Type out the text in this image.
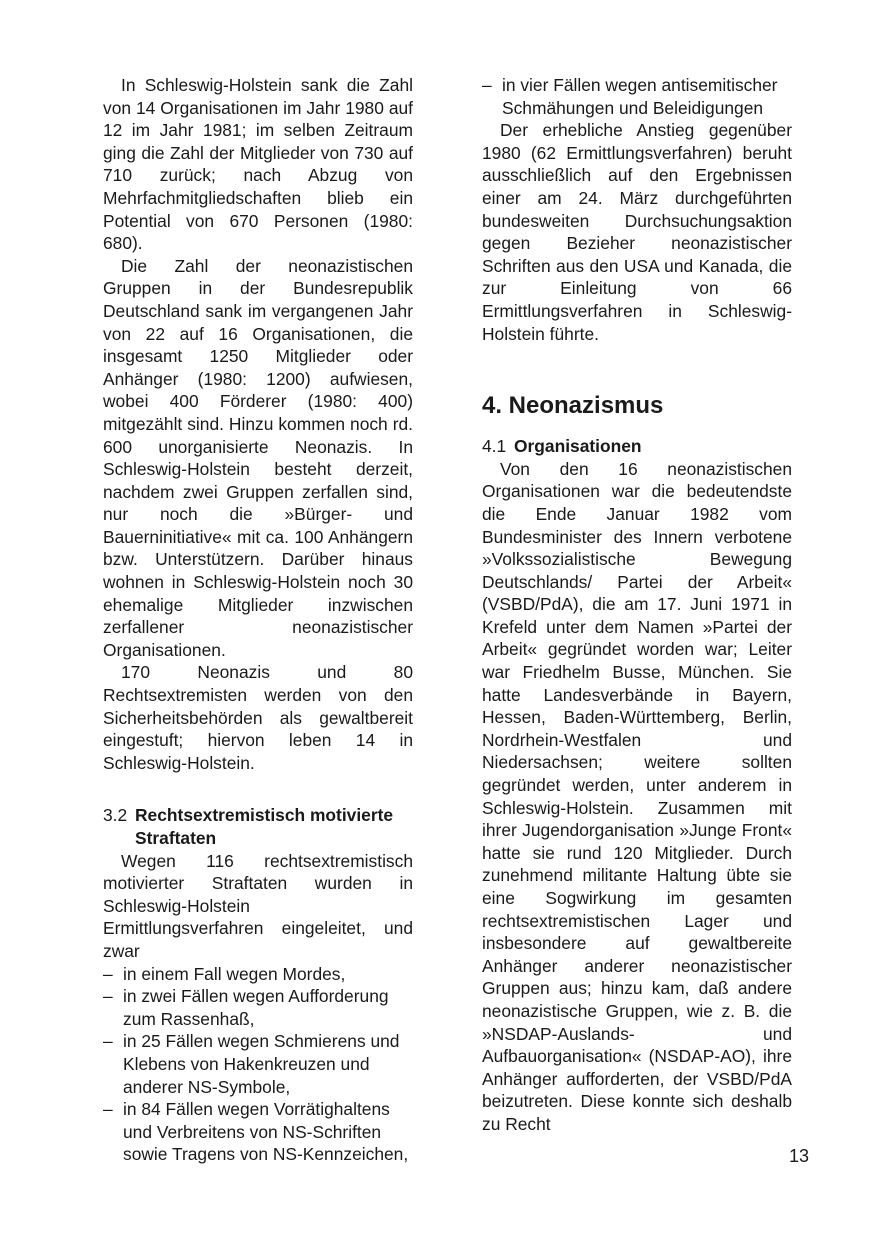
In Schleswig-Holstein sank die Zahl von 14 Organisationen im Jahr 1980 auf 12 im Jahr 1981; im selben Zeitraum ging die Zahl der Mitglieder von 730 auf 710 zurück; nach Abzug von Mehrfachmitgliedschaften blieb ein Potential von 670 Personen (1980: 680).

Die Zahl der neonazistischen Gruppen in der Bundesrepublik Deutschland sank im vergangenen Jahr von 22 auf 16 Organisationen, die insgesamt 1250 Mitglieder oder Anhänger (1980: 1200) aufwiesen, wobei 400 Förderer (1980: 400) mitgezählt sind. Hinzu kommen noch rd. 600 unorganisierte Neonazis. In Schleswig-Holstein besteht derzeit, nachdem zwei Gruppen zerfallen sind, nur noch die »Bürger- und Bauerninitiative« mit ca. 100 Anhängern bzw. Unterstützern. Darüber hinaus wohnen in Schleswig-Holstein noch 30 ehemalige Mitglieder inzwischen zerfallener neonazistischer Organisationen.

170 Neonazis und 80 Rechtsextremisten werden von den Sicherheitsbehörden als gewaltbereit eingestuft; hiervon leben 14 in Schleswig-Holstein.

3.2 Rechtsextremistisch motivierte Straftaten

Wegen 116 rechtsextremistisch motivierter Straftaten wurden in Schleswig-Holstein Ermittlungsverfahren eingeleitet, und zwar

– in einem Fall wegen Mordes,
– in zwei Fällen wegen Aufforderung zum Rassenhaß,
– in 25 Fällen wegen Schmierens und Klebens von Hakenkreuzen und anderer NS-Symbole,
– in 84 Fällen wegen Vorrätighaltens und Verbreitens von NS-Schriften sowie Tragens von NS-Kennzeichen,
– in vier Fällen wegen antisemitischer Schmähungen und Beleidigungen

Der erhebliche Anstieg gegenüber 1980 (62 Ermittlungsverfahren) beruht ausschließlich auf den Ergebnissen einer am 24. März durchgeführten bundesweiten Durchsuchungsaktion gegen Bezieher neonazistischer Schriften aus den USA und Kanada, die zur Einleitung von 66 Ermittlungsverfahren in Schleswig-Holstein führte.

4. Neonazismus
4.1 Organisationen

Von den 16 neonazistischen Organisationen war die bedeutendste die Ende Januar 1982 vom Bundesminister des Innern verbotene »Volkssozialistische Bewegung Deutschlands/ Partei der Arbeit« (VSBD/PdA), die am 17. Juni 1971 in Krefeld unter dem Namen »Partei der Arbeit« gegründet worden war; Leiter war Friedhelm Busse, München. Sie hatte Landesverbände in Bayern, Hessen, Baden-Württemberg, Berlin, Nordrhein-Westfalen und Niedersachsen; weitere sollten gegründet werden, unter anderem in Schleswig-Holstein. Zusammen mit ihrer Jugendorganisation »Junge Front« hatte sie rund 120 Mitglieder. Durch zunehmend militante Haltung übte sie eine Sogwirkung im gesamten rechtsextremistischen Lager und insbesondere auf gewaltbereite Anhänger anderer neonazistischer Gruppen aus; hinzu kam, daß andere neonazistische Gruppen, wie z. B. die »NSDAP-Auslands- und Aufbauorganisation« (NSDAP-AO), ihre Anhänger aufforderten, der VSBD/PdA beizutreten. Diese konnte sich deshalb zu Recht

13
